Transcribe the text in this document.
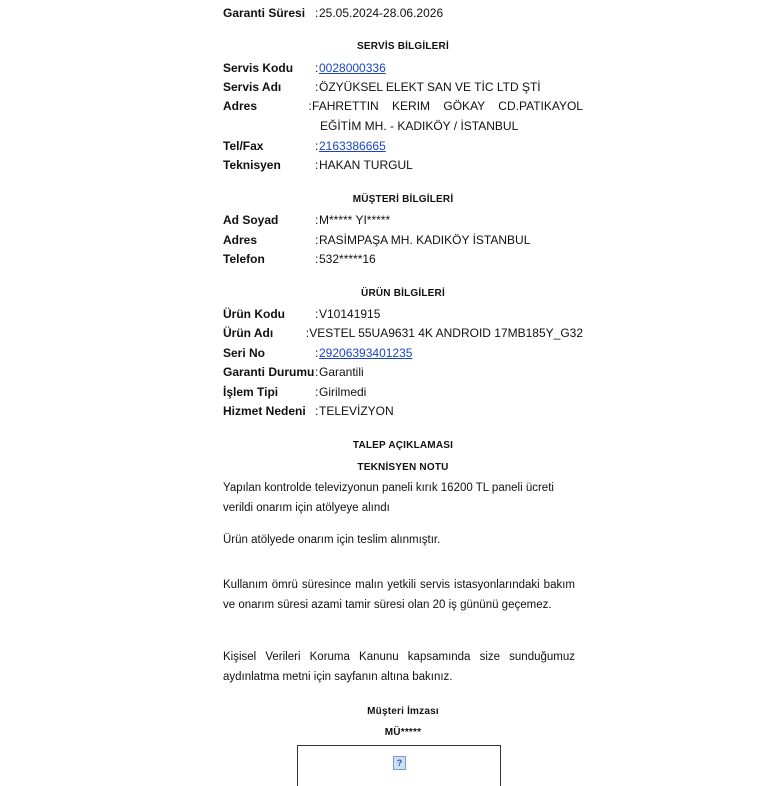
Garanti Süresi : 25.05.2024-28.06.2026
SERVİS BİLGİLERİ
Servis Kodu	: 0028000336
Servis Adı	: ÖZYÜKSEL ELEKT SAN VE TİC LTD ŞTİ
Adres	: FAHRETTIN    KERIM    GÖKAY    CD.PATIKAYOL
EĞİTİM MH. - KADIKÖY / İSTANBUL
Tel/Fax	: 2163386665
Teknisyen	: HAKAN TURGUL
MÜŞTERİ BİLGİLERİ
Ad Soyad	: M***** YI*****
Adres	: RASİMPAŞA MH. KADIKÖY İSTANBUL
Telefon	: 532*****16
ÜRÜN BİLGİLERİ
Ürün Kodu	: V10141915
Ürün Adı	: VESTEL 55UA9631 4K ANDROID 17MB185Y_G32
Seri No	: 29206393401235
Garanti Durumu : Garantili
İşlem Tipi	: Girilmedi
Hizmet Nedeni : TELEVİZYON
TALEP AÇIKLAMASI
TEKNİSYEN NOTU
Yapılan kontrolde televizyonun paneli kırık 16200 TL paneli ücreti verildi onarım için atölyeye alındı
Ürün atölyede onarım için teslim alınmıştır.
Kullanım ömrü süresince malın yetkili servis istasyonlarındaki bakım ve onarım süresi azami tamir süresi olan 20 iş gününü geçemez.
Kişisel Verileri Koruma Kanunu kapsamında size sunduğumuz aydınlatma metni için sayfanın altına bakınız.
Müşteri İmzası
MÜ*****
?
